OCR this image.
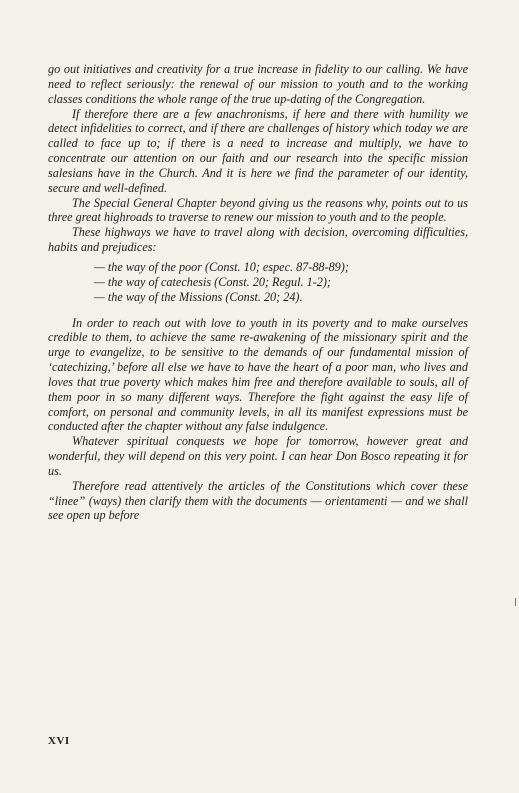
go out initiatives and creativity for a true increase in fidelity to our calling. We have need to reflect seriously: the renewal of our mission to youth and to the working classes conditions the whole range of the true up-dating of the Congregation.

If therefore there are a few anachronisms, if here and there with humility we detect infidelities to correct, and if there are challenges of history which today we are called to face up to; if there is a need to increase and multiply, we have to concentrate our attention on our faith and our research into the specific mission salesians have in the Church. And it is here we find the parameter of our identity, secure and well-defined.

The Special General Chapter beyond giving us the reasons why, points out to us three great highroads to traverse to renew our mission to youth and to the people.

These highways we have to travel along with decision, overcoming difficulties, habits and prejudices:

— the way of the poor (Const. 10; espec. 87-88-89);
— the way of catechesis (Const. 20; Regul. 1-2);
— the way of the Missions (Const. 20; 24).

In order to reach out with love to youth in its poverty and to make ourselves credible to them, to achieve the same re-awakening of the missionary spirit and the urge to evangelize, to be sensitive to the demands of our fundamental mission of ‘catechizing,’ before all else we have to have the heart of a poor man, who lives and loves that true poverty which makes him free and therefore available to souls, all of them poor in so many different ways. Therefore the fight against the easy life of comfort, on personal and community levels, in all its manifest expressions must be conducted after the chapter without any false indulgence.

Whatever spiritual conquests we hope for tomorrow, however great and wonderful, they will depend on this very point. I can hear Don Bosco repeating it for us.

Therefore read attentively the articles of the Constitutions which cover these “linee” (ways) then clarify them with the documents — orientamenti — and we shall see open up before

XVI
